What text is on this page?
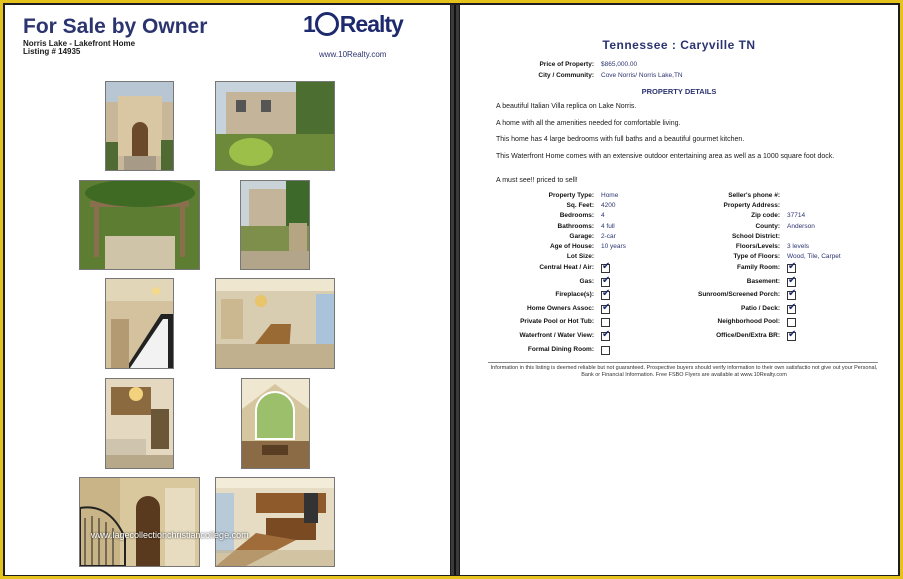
For Sale by Owner
Norris Lake - Lakefront Home
Listing # 14935
1 Realty
www.10Realty.com
www.lagecollectionchristiancollege.com
Tennessee : Caryville TN
Price of Property: $865,000.00
City / Community: Cove Norris/ Norris Lake,TN
PROPERTY DETAILS
A beautiful Italian Villa replica on Lake Norris.
A home with all the amenities needed for comfortable living.
This home has 4 large bedrooms with full baths and a beautiful gourmet kitchen.
This Waterfront Home comes with an extensive outdoor entertaining area as well as a 1000 square foot dock.
A must see!! priced to sell!
Property Type: Home
Sq. Feet: 4200
Bedrooms: 4
Bathrooms: 4 full
Garage: 2-car
Age of House: 10 years
Lot Size:
Seller's phone #:
Property Address:
Zip code: 37714
County: Anderson
School District:
Floors/Levels: 3 levels
Type of Floors: Wood, Tile, Carpet
Central Heat / Air:
✔
Gas:
✔
Fireplace(s):
✔
Home Owners Assoc:
✔
Private Pool or Hot Tub:
Waterfront / Water View:
✔
Formal Dining Room:
Family Room:
✔
Basement:
✔
Sunroom/Screened Porch:
✔
Patio / Deck:
✔
Neighborhood Pool:
Office/Den/Extra BR:
✔
Information in this listing is deemed reliable but not guaranteed. Prospective buyers should verify information to their own satisfactio not give out your Personal, Bank or Financial Information. Free FSBO Flyers are available at www.10Realty.com
